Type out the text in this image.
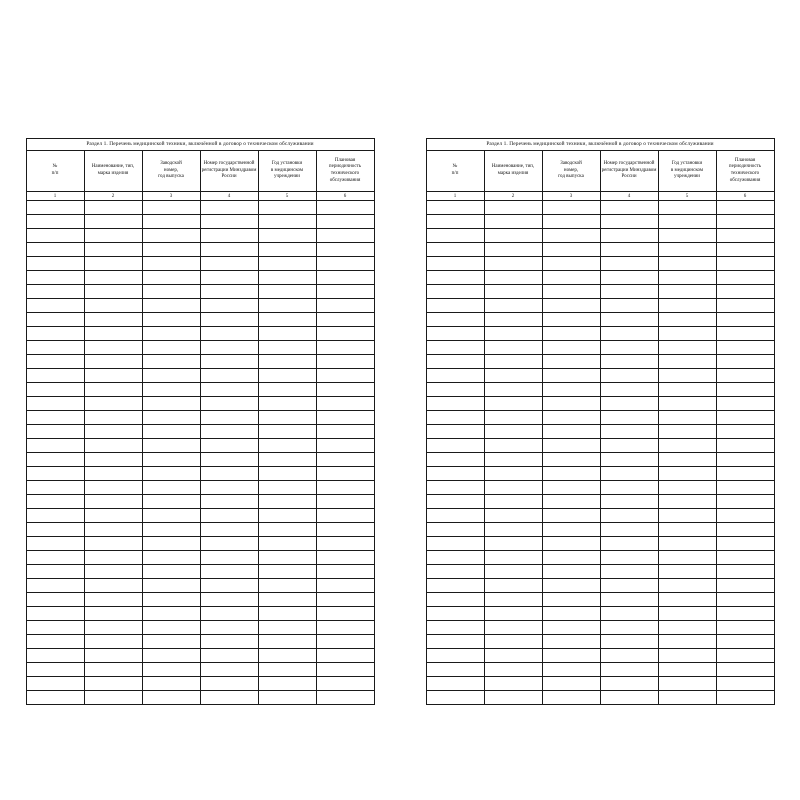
Раздел 1. Перечень медицинской техники, включённой в договор о техническом обслуживании					
№
п/п	Наименование, тип,
марка изделия	Заводской
номер,
год выпуска	Номер государственной
регистрации Минздравом
России	Год установки
в медицинском
учреждении	Плановая
периодичность
технического
обслуживания
1	2	3	4	5	6

Раздел 1. Перечень медицинской техники, включённой в договор о техническом обслуживании					
№
п/п	Наименование, тип,
марка изделия	Заводской
номер,
год выпуска	Номер государственной
регистрации Минздравом
России	Год установки
в медицинском
учреждении	Плановая
периодичность
технического
обслуживания
1	2	3	4	5	6
